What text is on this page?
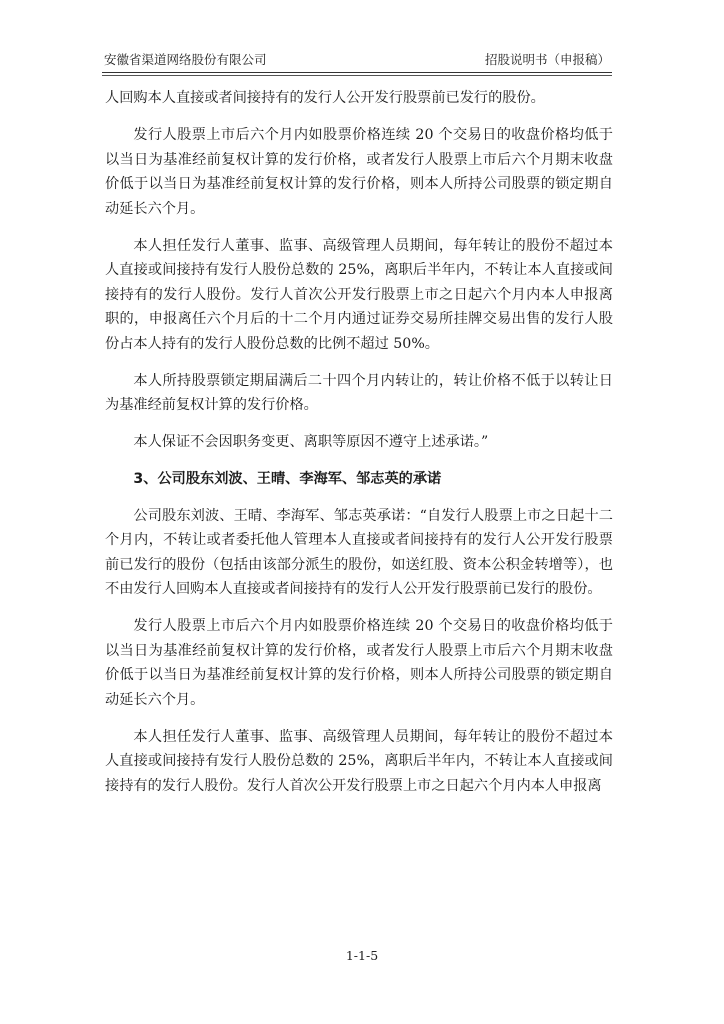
安徽省渠道网络股份有限公司	招股说明书（申报稿）

人回购本人直接或者间接持有的发行人公开发行股票前已发行的股份。

发行人股票上市后六个月内如股票价格连续 20 个交易日的收盘价格均低于以当日为基准经前复权计算的发行价格，或者发行人股票上市后六个月期末收盘价低于以当日为基准经前复权计算的发行价格，则本人所持公司股票的锁定期自动延长六个月。

本人担任发行人董事、监事、高级管理人员期间，每年转让的股份不超过本人直接或间接持有发行人股份总数的 25%，离职后半年内，不转让本人直接或间接持有的发行人股份。发行人首次公开发行股票上市之日起六个月内本人申报离职的，申报离任六个月后的十二个月内通过证券交易所挂牌交易出售的发行人股份占本人持有的发行人股份总数的比例不超过 50%。

本人所持股票锁定期届满后二十四个月内转让的，转让价格不低于以转让日为基准经前复权计算的发行价格。

本人保证不会因职务变更、离职等原因不遵守上述承诺。”

3、公司股东刘波、王晴、李海军、邹志英的承诺

公司股东刘波、王晴、李海军、邹志英承诺：“自发行人股票上市之日起十二个月内，不转让或者委托他人管理本人直接或者间接持有的发行人公开发行股票前已发行的股份（包括由该部分派生的股份，如送红股、资本公积金转增等），也不由发行人回购本人直接或者间接持有的发行人公开发行股票前已发行的股份。

发行人股票上市后六个月内如股票价格连续 20 个交易日的收盘价格均低于以当日为基准经前复权计算的发行价格，或者发行人股票上市后六个月期末收盘价低于以当日为基准经前复权计算的发行价格，则本人所持公司股票的锁定期自动延长六个月。

本人担任发行人董事、监事、高级管理人员期间，每年转让的股份不超过本人直接或间接持有发行人股份总数的 25%，离职后半年内，不转让本人直接或间接持有的发行人股份。发行人首次公开发行股票上市之日起六个月内本人申报离

1-1-5
